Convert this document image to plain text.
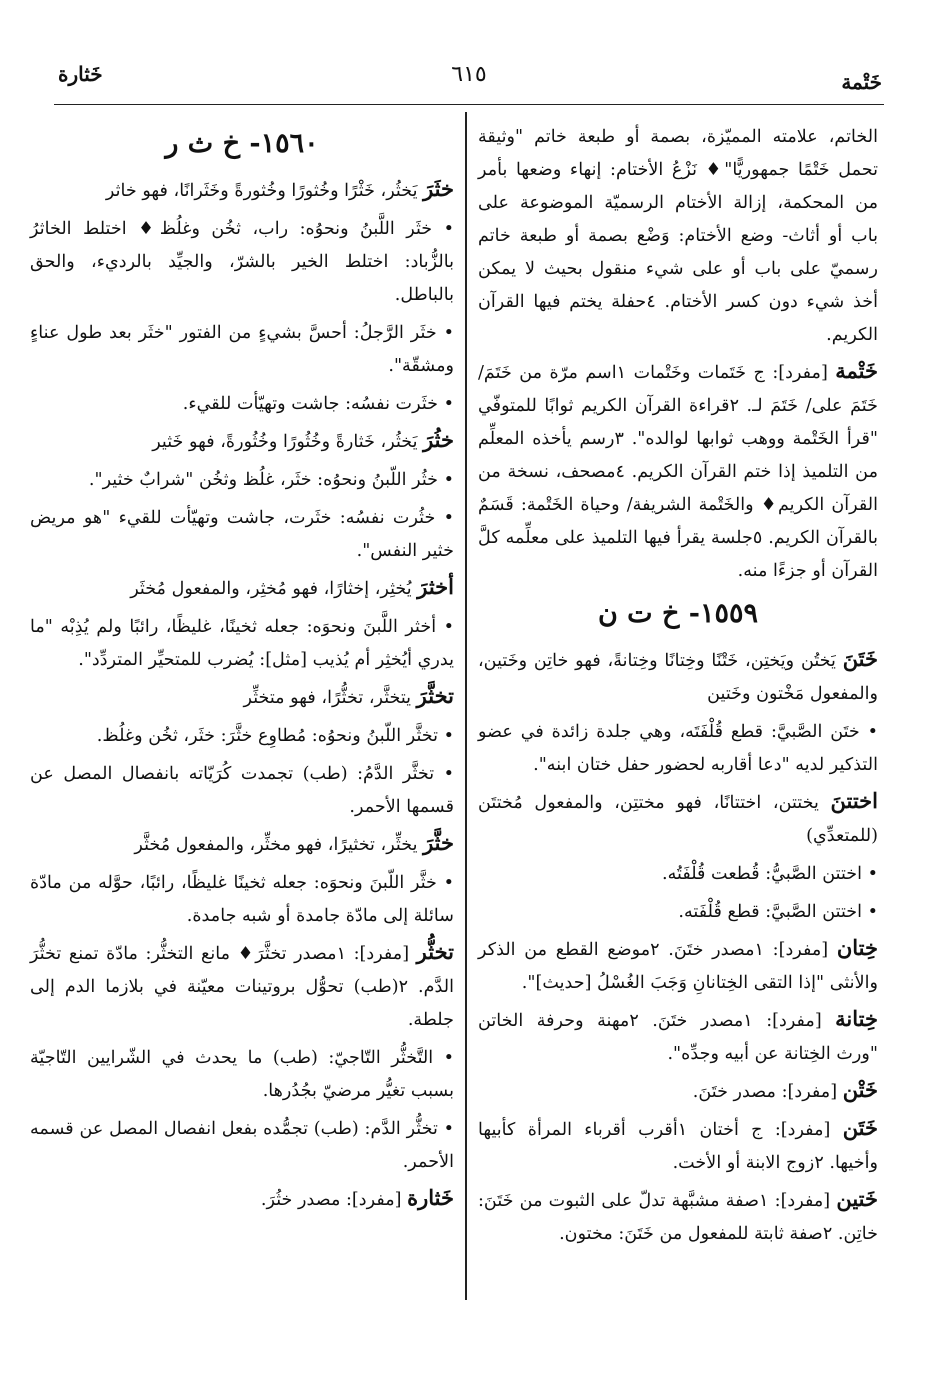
خَتْمة
٦١٥
خَثارة
الخاتم، علامته المميّزة، بصمة أو طبعة خاتم "وثيقة تحمل خَتْمًا جمهوريًّا"♦ نَزْعُ الأختام: إنهاء وضعها بأمر من المحكمة، إزالة الأختام الرسميّة الموضوعة على باب أو أثاث- وضع الأختام: وَضْع بصمة أو طبعة خاتم رسميّ على باب أو على شيء منقول بحيث لا يمكن أخذ شيء دون كسر الأختام. ٤حفلة يختم فيها القرآن الكريم.
خَتْمة [مفرد]: ج خَتَمات وخَتْمات ١اسم مرّة من خَتَمَ/ خَتَمَ على/ خَتَمَ لـ. ٢قراءة القرآن الكريم ثوابًا للمتوفّي "قرأ الخَتْمة ووهب ثوابها لوالده". ٣رسم يأخذه المعلِّم من التلميذ إذا ختم القرآن الكريم. ٤مصحف، نسخة من القرآن الكريم♦ والخَتْمة الشريفة/ وحياة الخَتْمة: قَسَمٌ بالقرآن الكريم. ٥جلسة يقرأ فيها التلميذ على معلِّمه كلَّ القرآن أو جزءًا منه.
١٥٥٩- خ ت ن
خَتَنَ يَختُن ويَختِن، خَتْنًا وخِتانًا وخِتانةً، فهو خاتِن وخَتين، والمفعول مَخْتون وخَتين
• ختَن الصَّبيَّ: قطع قُلْفَتَه، وهي جلدة زائدة في عضو التذكير لديه "دعا أقاربه لحضور حفل ختان ابنه".
اختتنَ يختتن، اختتانًا، فهو مختتِن، والمفعول مُختتَن (للمتعدِّي)
• اختتن الصَّبيُّ: قُطعت قُلْفَتُه.
• اختتن الصَّبيَّ: قطع قُلْفَته.
خِتان [مفرد]: ١مصدر ختَنَ. ٢موضع القطع من الذكر والأنثى "إذا التقى الخِتانانِ وَجَبَ الغُسْلُ [حديث]".
خِتانة [مفرد]: ١مصدر ختَنَ. ٢مهنة وحرفة الخاتن "ورث الخِتانة عن أبيه وجدِّه".
خَتْن [مفرد]: مصدر ختَنَ.
خَتَن [مفرد]: ج أختان ١أقرب أقرباء المرأة كأبيها وأخيها. ٢زوج الابنة أو الأخت.
خَتين [مفرد]: ١صفة مشبَّهة تدلّ على الثبوت من خَتَنَ: خاتِن. ٢صفة ثابتة للمفعول من خَتَنَ: مختون.
١٥٦٠- خ ث ر
خثَرَ يَخثُر، خَثْرًا وخُثورًا وخُثورةً وخَثَرانًا، فهو خاثر
• خثَر اللَّبنُ ونحوُه: راب، ثخُن وغلُظ♦ اختلط الخاثرُ بالزُّباد: اختلط الخير بالشرّ، والجيِّد بالرديء، والحق بالباطل.
• خثَر الرَّجلُ: أحسَّ بشيءٍ من الفتور "خثَر بعد طول عناءٍ ومشقّة".
• خثَرت نفسُه: جاشت وتهيّأت للقيء.
خثُرَ يَخثُر، خَثارةً وخُثُورًا وخُثُورةً، فهو خَثير
• خثُر اللّبنُ ونحوُه: خثَر، غلُظ وثخُن "شرابٌ خثير".
• خثُرت نفسُه: خثَرت، جاشت وتهيّأت للقيء "هو مريض خثير النفس".
أخثرَ يُخثِر، إخثارًا، فهو مُخثِر، والمفعول مُخثَر
• أخثر اللَّبنَ ونحوَه: جعله ثخينًا، غليظًا، رائبًا ولم يُذِبْه "ما يدري أيُخثِر أم يُذيب [مثل]: يُضرب للمتحيِّر المتردِّد".
تخثَّرَ يتخثَّر، تخثُّرًا، فهو متخثِّر
• تخثَّر اللّبنُ ونحوُه: مُطاوِع خثَّرَ: خثَر، ثخُن وغلُظ.
• تخثَّر الدَّمُ: (طب) تجمدت كُرَيّاته بانفصال المصل عن قسمها الأحمر.
خثَّرَ يخثِّر، تخثيرًا، فهو مخثِّر، والمفعول مُخثَّر
• خثَّر اللّبنَ ونحوَه: جعله ثخينًا غليظًا، رائبًا، حوَّله من مادّة سائلة إلى مادّة جامدة أو شبه جامدة.
تخثُّر [مفرد]: ١مصدر تخثَّرَ♦ مانع التخثُّر: مادّة تمنع تخثُّرَ الدَّم. ٢(طب) تحوُّل بروتينات معيّنة في بلازما الدم إلى جلطة.
• التَّخثُّر التّاجيّ: (طب) ما يحدث في الشّرايين التّاجيّة بسبب تغيُّر مرضيّ بجُدُرها.
• تخثُّر الدَّم: (طب) تجمُّده بفعل انفصال المصل عن قسمه الأحمر.
خَثارة [مفرد]: مصدر خثُرَ.
